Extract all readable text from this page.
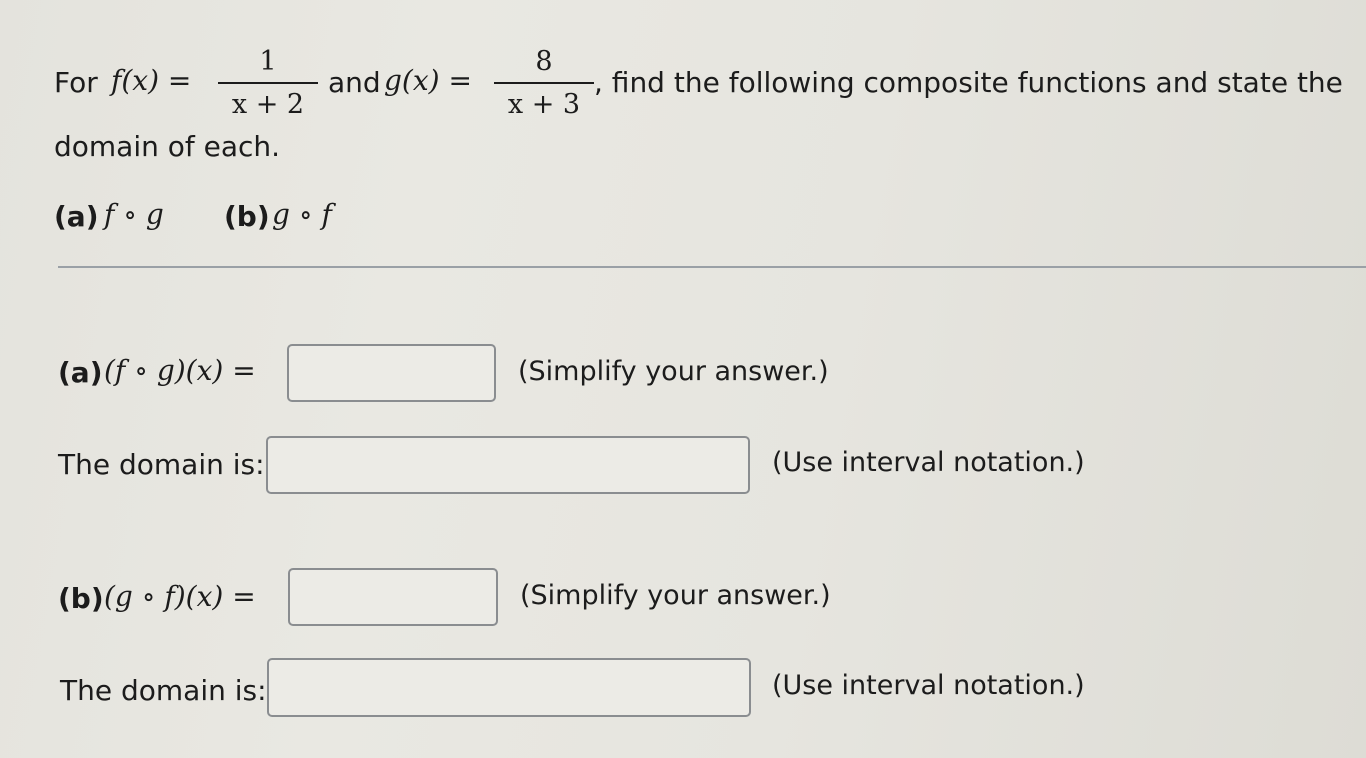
For f(x) =
1
x + 2
and g(x) =
8
x + 3
, find the following composite functions and state the
domain of each.
(a) f ∘ g (b) g ∘ f
(a) (f ∘ g)(x) =	(Simplify your answer.)
The domain is:	(Use interval notation.)
(b) (g ∘ f)(x) =	(Simplify your answer.)
The domain is:	(Use interval notation.)
